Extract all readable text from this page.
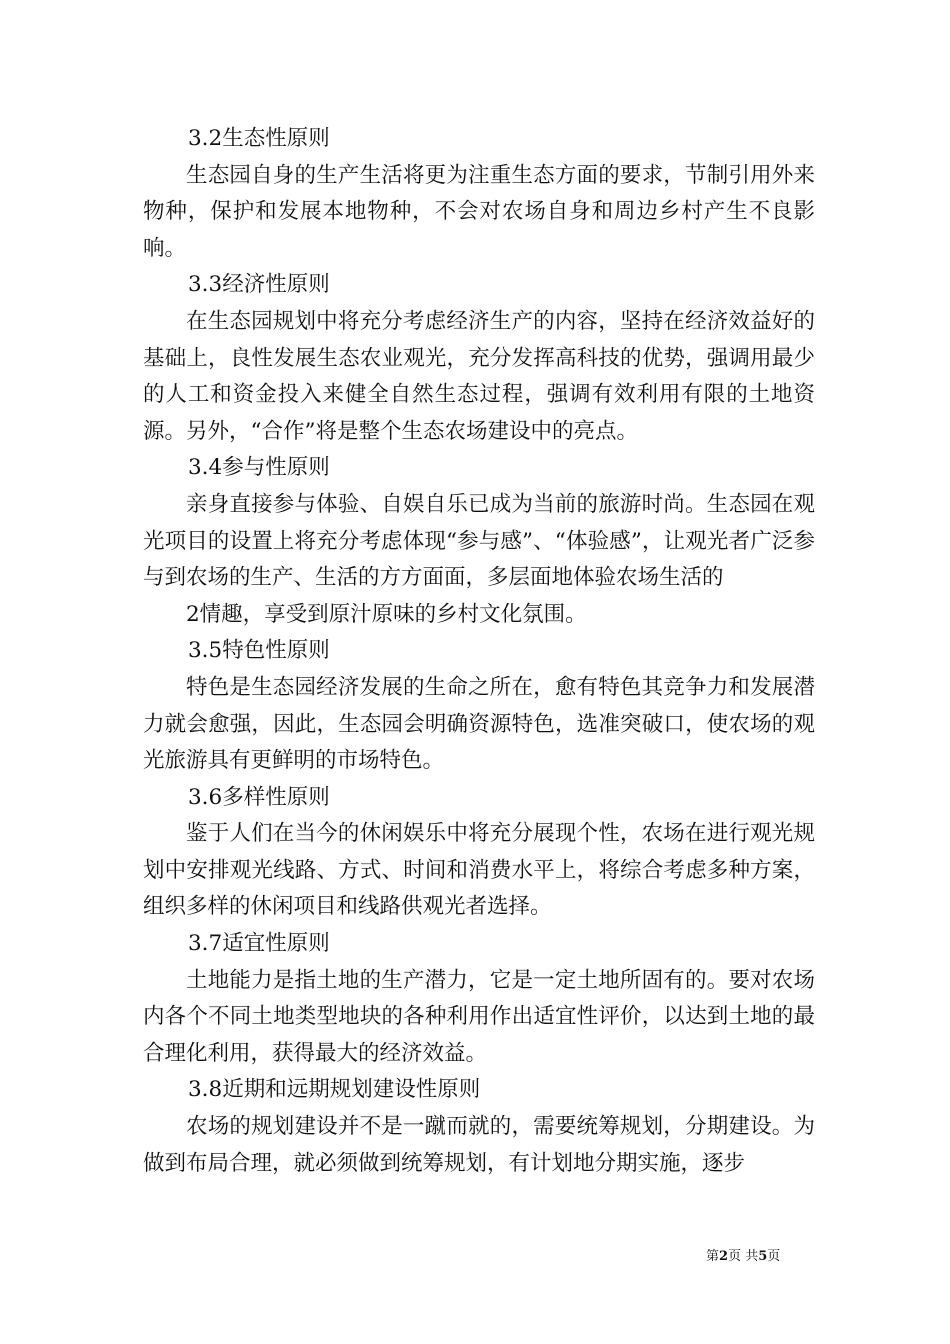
3.2生态性原则

生态园自身的生产生活将更为注重生态方面的要求，节制引用外来物种，保护和发展本地物种，不会对农场自身和周边乡村产生不良影响。

3.3经济性原则

在生态园规划中将充分考虑经济生产的内容，坚持在经济效益好的基础上，良性发展生态农业观光，充分发挥高科技的优势，强调用最少的人工和资金投入来健全自然生态过程，强调有效利用有限的土地资源。另外，“合作”将是整个生态农场建设中的亮点。

3.4参与性原则

亲身直接参与体验、自娱自乐已成为当前的旅游时尚。生态园在观光项目的设置上将充分考虑体现“参与感”、“体验感”，让观光者广泛参与到农场的生产、生活的方方面面，多层面地体验农场生活的

2情趣，享受到原汁原味的乡村文化氛围。

3.5特色性原则

特色是生态园经济发展的生命之所在，愈有特色其竞争力和发展潜力就会愈强，因此，生态园会明确资源特色，选准突破口，使农场的观光旅游具有更鲜明的市场特色。

3.6多样性原则

鉴于人们在当今的休闲娱乐中将充分展现个性，农场在进行观光规划中安排观光线路、方式、时间和消费水平上，将综合考虑多种方案，组织多样的休闲项目和线路供观光者选择。

3.7适宜性原则

土地能力是指土地的生产潜力，它是一定土地所固有的。要对农场内各个不同土地类型地块的各种利用作出适宜性评价，以达到土地的最合理化利用，获得最大的经济效益。

3.8近期和远期规划建设性原则

农场的规划建设并不是一蹴而就的，需要统筹规划，分期建设。为做到布局合理，就必须做到统筹规划，有计划地分期实施，逐步

第2页 共5页
